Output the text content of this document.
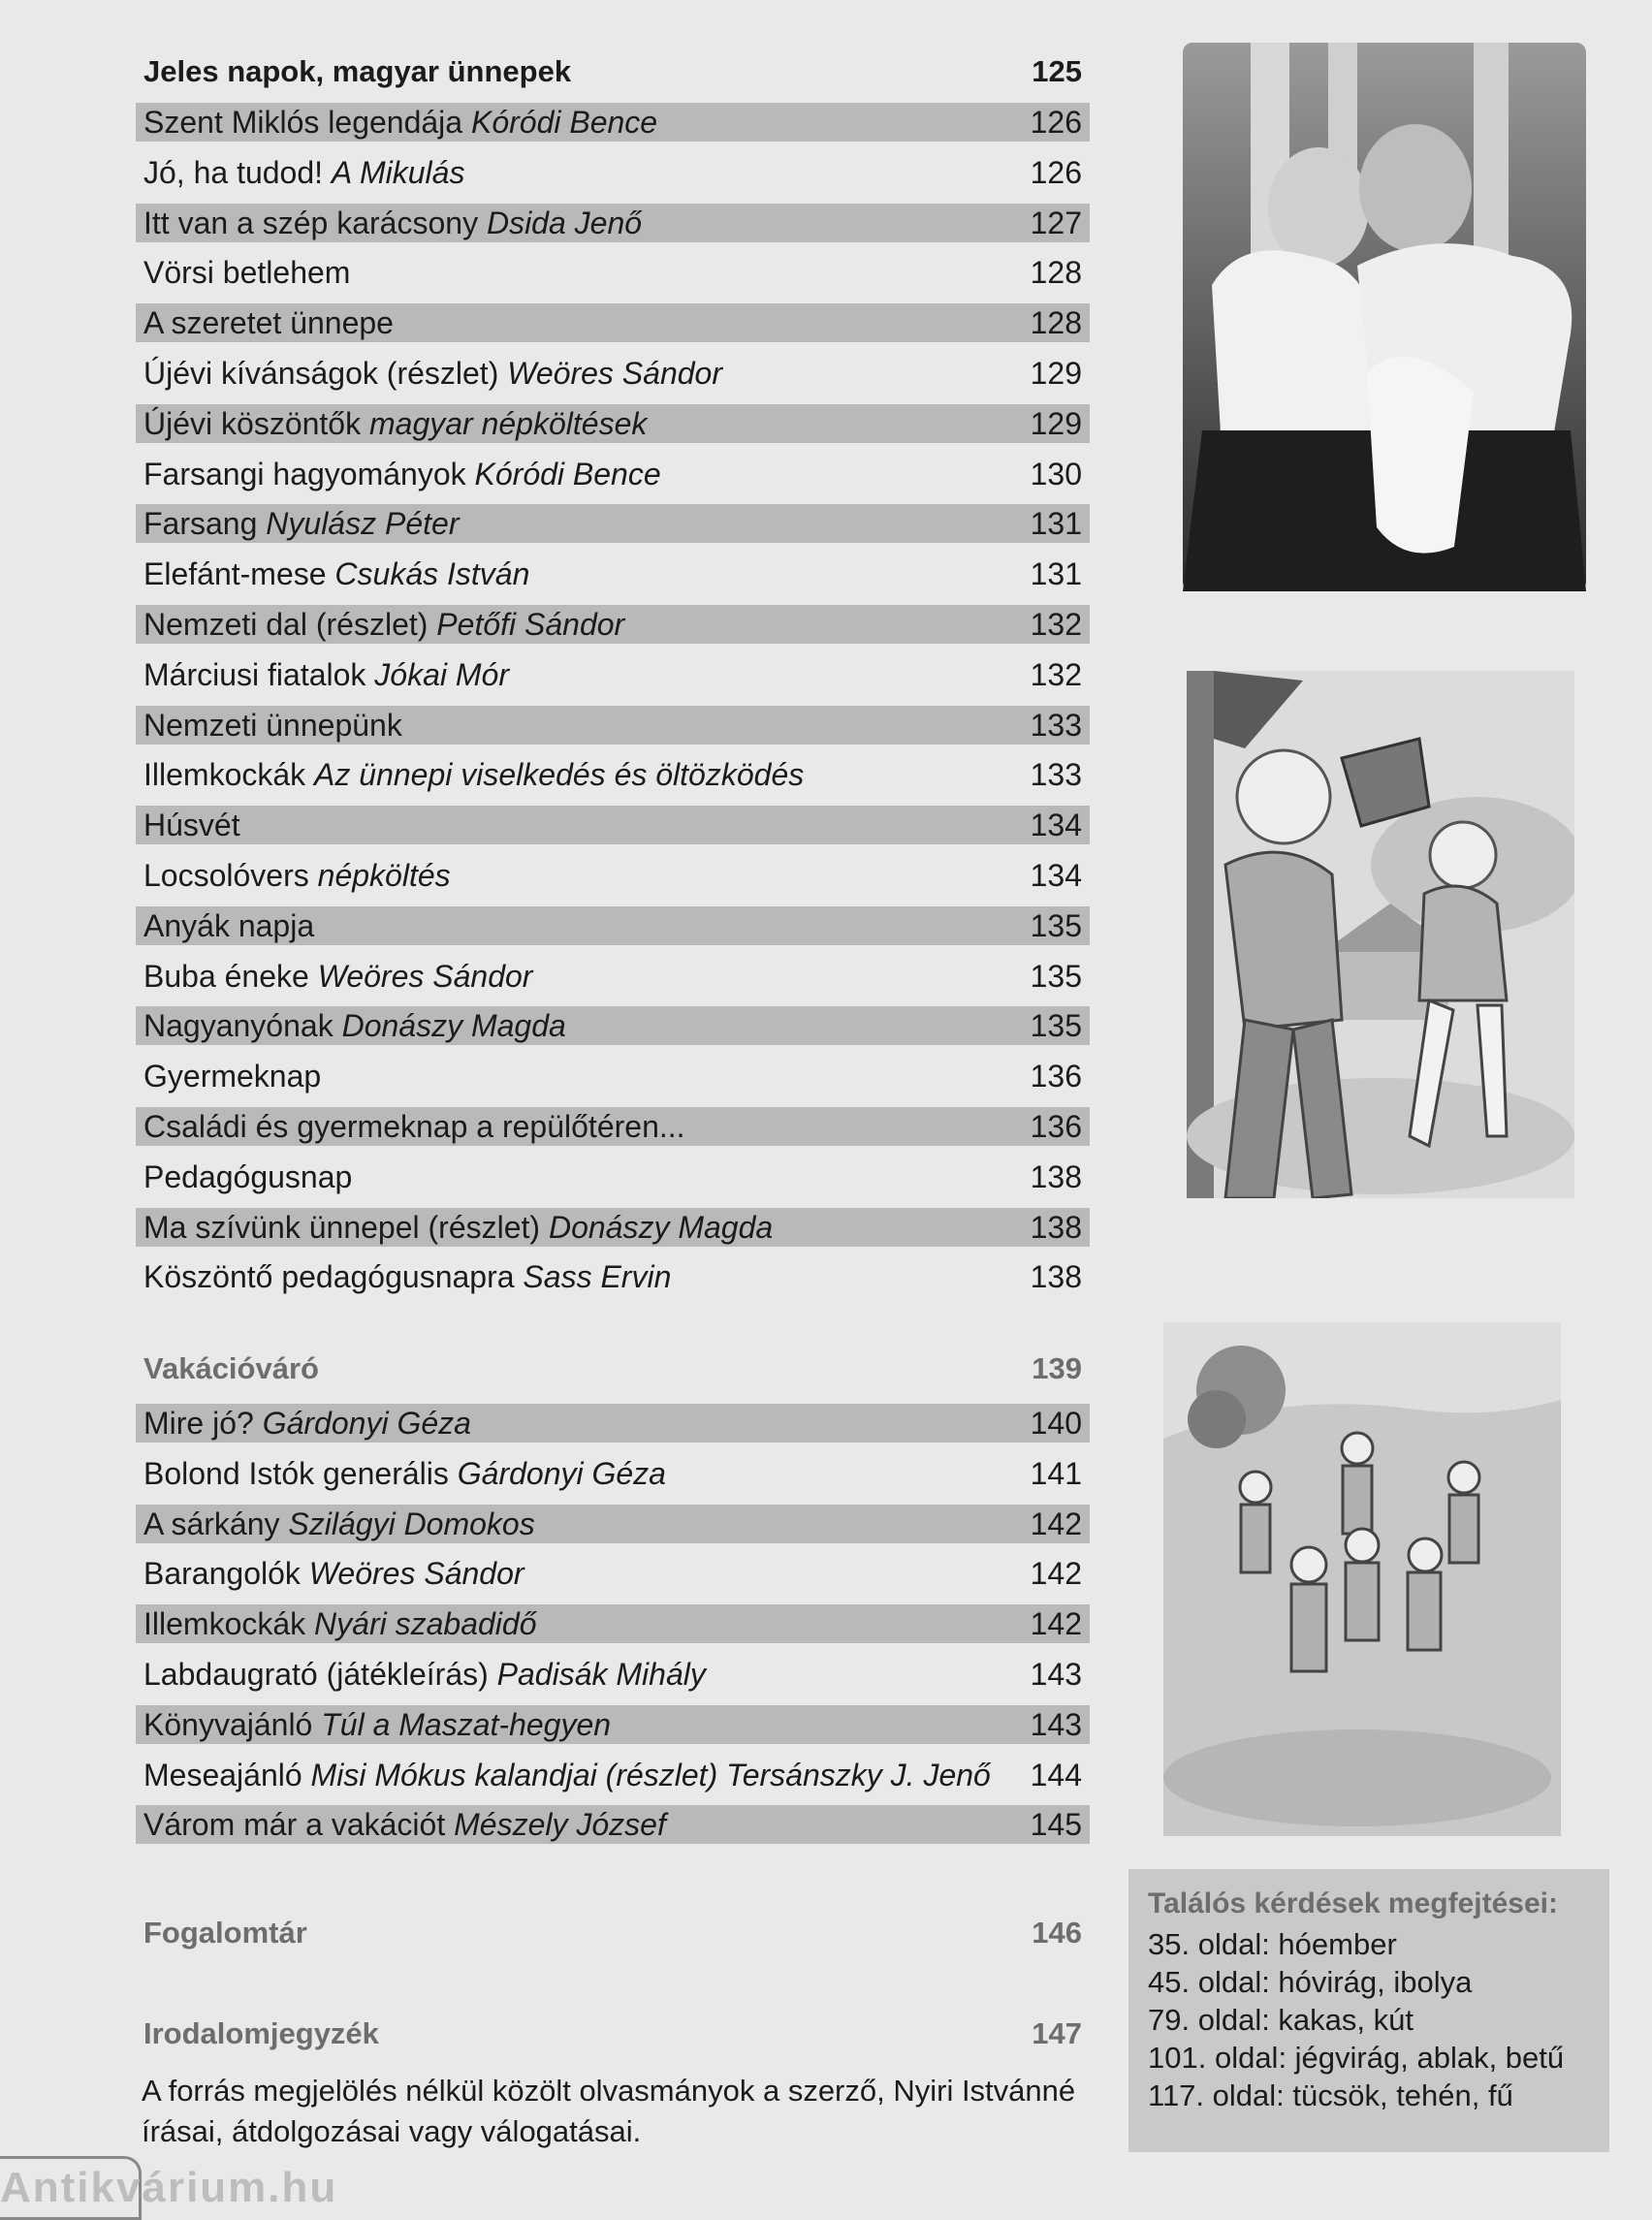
Jeles napok, magyar ünnepek	125
Szent Miklós legendája Kóródi Bence	126
Jó, ha tudod! A Mikulás	126
Itt van a szép karácsony Dsida Jenő	127
Vörsi betlehem	128
A szeretet ünnepe	128
Újévi kívánságok (részlet) Weöres Sándor	129
Újévi köszöntők magyar népköltések	129
Farsangi hagyományok Kóródi Bence	130
Farsang Nyulász Péter	131
Elefánt-mese Csukás István	131
Nemzeti dal (részlet) Petőfi Sándor	132
Márciusi fiatalok Jókai Mór	132
Nemzeti ünnepünk	133
Illemkockák Az ünnepi viselkedés és öltözködés	133
Húsvét	134
Locsolóvers népköltés	134
Anyák napja	135
Buba éneke Weöres Sándor	135
Nagyanyónak Donászy Magda	135
Gyermeknap	136
Családi és gyermeknap a repülőtéren...	136
Pedagógusnap	138
Ma szívünk ünnepel (részlet) Donászy Magda	138
Köszöntő pedagógusnapra Sass Ervin	138
Vakációváró	139
Mire jó? Gárdonyi Géza	140
Bolond Istók generális Gárdonyi Géza	141
A sárkány Szilágyi Domokos	142
Barangolók Weöres Sándor	142
Illemkockák Nyári szabadidő	142
Labdaugrató (játékleírás) Padisák Mihály	143
Könyvajánló Túl a Maszat-hegyen	143
Meseajánló Misi Mókus kalandjai (részlet) Tersánszky J. Jenő 144
Várom már a vakációt Mészely József	145
Fogalomtár	146
Irodalomjegyzék	147
A forrás megjelölés nélkül közölt olvasmányok a szerző, Nyiri Istvánné írásai, átdolgozásai vagy válogatásai.
Találós kérdések megfejtései:
35. oldal: hóember
45. oldal: hóvirág, ibolya
79. oldal: kakas, kút
101. oldal: jégvirág, ablak, betű
117. oldal: tücsök, tehén, fű
Antikvárium.hu
